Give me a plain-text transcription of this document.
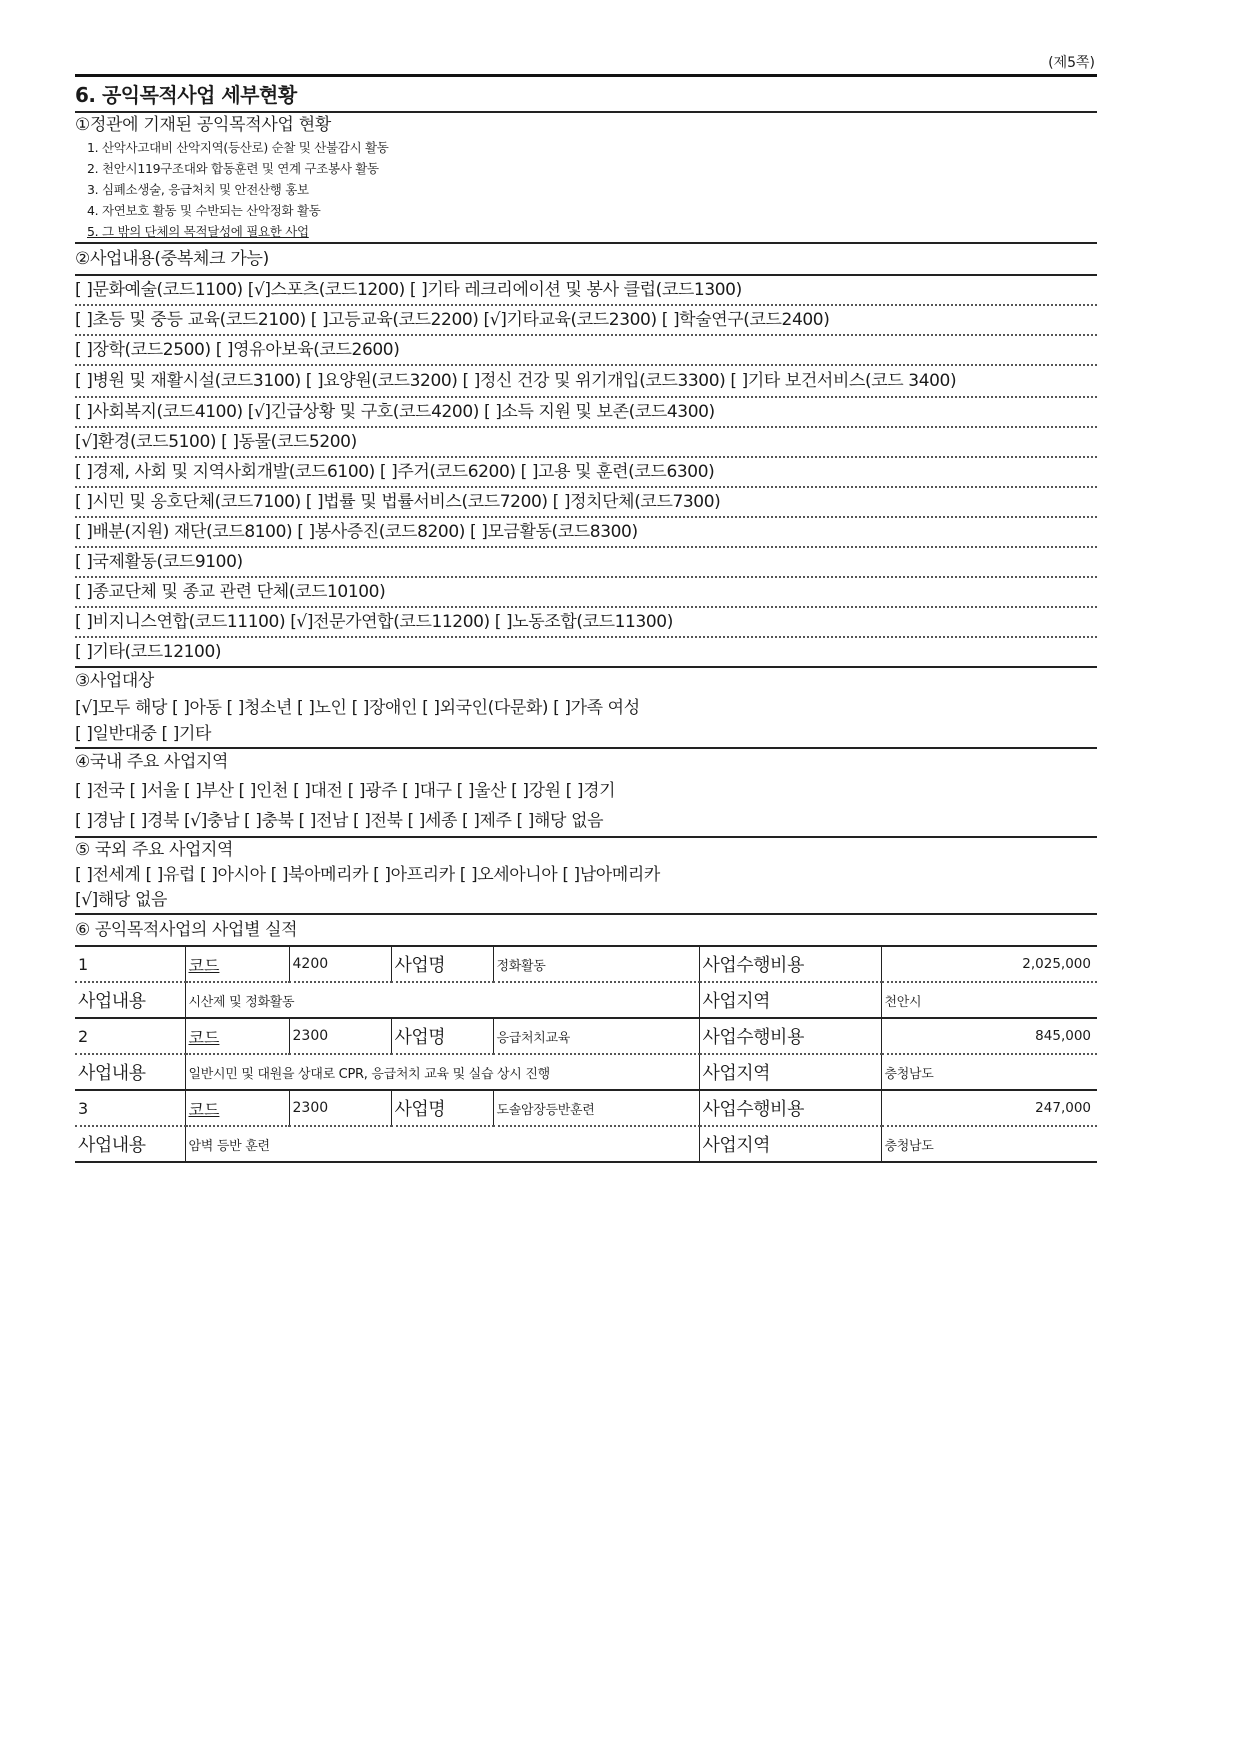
(제5쪽)
6. 공익목적사업 세부현황
①정관에 기재된 공익목적사업 현황
1. 산악사고대비 산악지역(등산로) 순찰 및 산불감시 활동
2. 천안시119구조대와 합동훈련 및 연계 구조봉사 활동
3. 심폐소생술, 응급처치 및 안전산행 홍보
4. 자연보호 활동 및 수반되는 산악정화 활동
5. 그 밖의 단체의 목적달성에 필요한 사업
②사업내용(중복체크 가능)
[ ]문화예술(코드1100) [√]스포츠(코드1200) [ ]기타 레크리에이션 및 봉사 클럽(코드1300)
[ ]초등 및 중등 교육(코드2100) [ ]고등교육(코드2200) [√]기타교육(코드2300) [ ]학술연구(코드2400)
[ ]장학(코드2500) [ ]영유아보육(코드2600)
[ ]병원 및 재활시설(코드3100) [ ]요양원(코드3200) [ ]정신 건강 및 위기개입(코드3300) [ ]기타 보건서비스(코드 3400)
[ ]사회복지(코드4100) [√]긴급상황 및 구호(코드4200) [ ]소득 지원 및 보존(코드4300)
[√]환경(코드5100) [ ]동물(코드5200)
[ ]경제, 사회 및 지역사회개발(코드6100) [ ]주거(코드6200) [ ]고용 및 훈련(코드6300)
[ ]시민 및 옹호단체(코드7100) [ ]법률 및 법률서비스(코드7200) [ ]정치단체(코드7300)
[ ]배분(지원) 재단(코드8100) [ ]봉사증진(코드8200) [ ]모금활동(코드8300)
[ ]국제활동(코드9100)
[ ]종교단체 및 종교 관련 단체(코드10100)
[ ]비지니스연합(코드11100) [√]전문가연합(코드11200) [ ]노동조합(코드11300)
[ ]기타(코드12100)
③사업대상
[√]모두 해당 [ ]아동 [ ]청소년 [ ]노인 [ ]장애인 [ ]외국인(다문화) [ ]가족 여성
[ ]일반대중 [ ]기타
④국내 주요 사업지역
[ ]전국 [ ]서울 [ ]부산 [ ]인천 [ ]대전 [ ]광주 [ ]대구 [ ]울산 [ ]강원 [ ]경기
[ ]경남 [ ]경북 [√]충남 [ ]충북 [ ]전남 [ ]전북 [ ]세종 [ ]제주 [ ]해당 없음
⑤ 국외 주요 사업지역
[ ]전세계 [ ]유럽 [ ]아시아 [ ]북아메리카 [ ]아프리카 [ ]오세아니아 [ ]남아메리카
[√]해당 없음
⑥ 공익목적사업의 사업별 실적
1	코드	4200	사업명	정화활동	사업수행비용	2,025,000
사업내용	시산제 및 정화활동				사업지역	천안시
2	코드	2300	사업명	응급처치교육	사업수행비용	845,000
사업내용	일반시민 및 대원을 상대로 CPR, 응급처치 교육 및 실습 상시 진행				사업지역	충청남도
3	코드	2300	사업명	도솔암장등반훈련	사업수행비용	247,000
사업내용	암벽 등반 훈련				사업지역	충청남도
